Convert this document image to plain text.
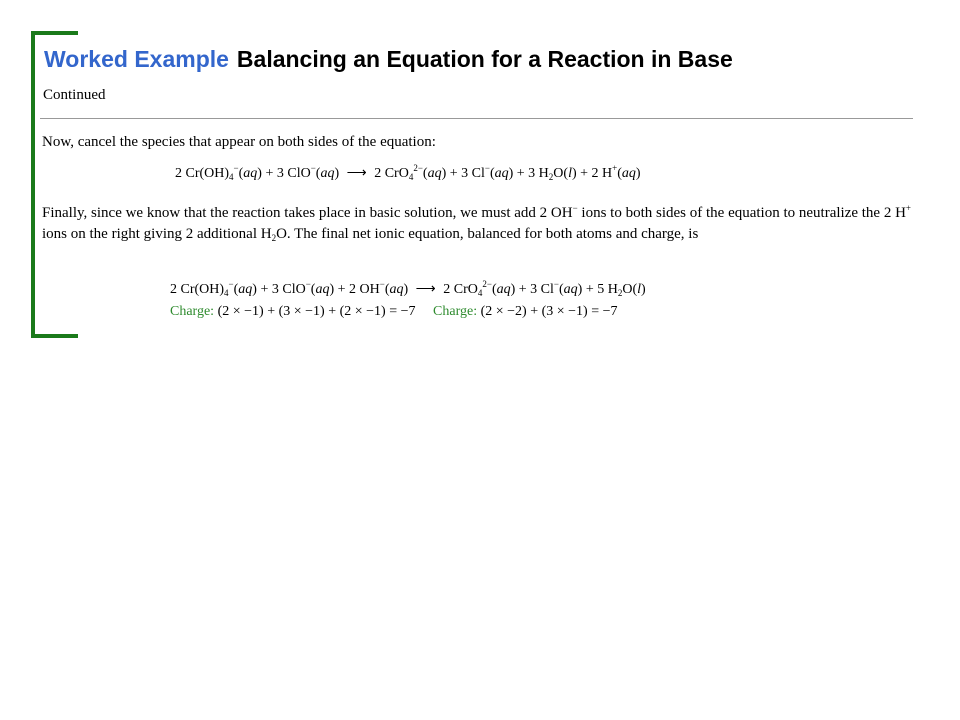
Worked Example Balancing an Equation for a Reaction in Base
Continued
Now, cancel the species that appear on both sides of the equation:
2 $Cr(OH)_4^-(aq) + 3$ ClO−(aq) ⟶ 2 CrO$_4^{2-}$(aq) + 3 Cl−(aq) + 3 $H_2O(l) + 2$ H+(aq)
Finally, since we know that the reaction takes place in basic solution, we must add 2 OH− ions to both sides of the equation to neutralize the 2 H+ ions on the right giving 2 additional $H_2O$. The final net ionic equation, balanced for both atoms and charge, is
2 $Cr(OH)_4^-(aq) + 3$ ClO−(aq) + 2 OH−(aq) ⟶ 2 CrO$_4^{2-}$(aq) + 3 Cl−(aq) + 5 $H_2O(l)$
Charge: (2 × −1) + (3 × −1) + (2 × −1) = −7 Charge: (2 × −2) + (3 × −1) = −7
